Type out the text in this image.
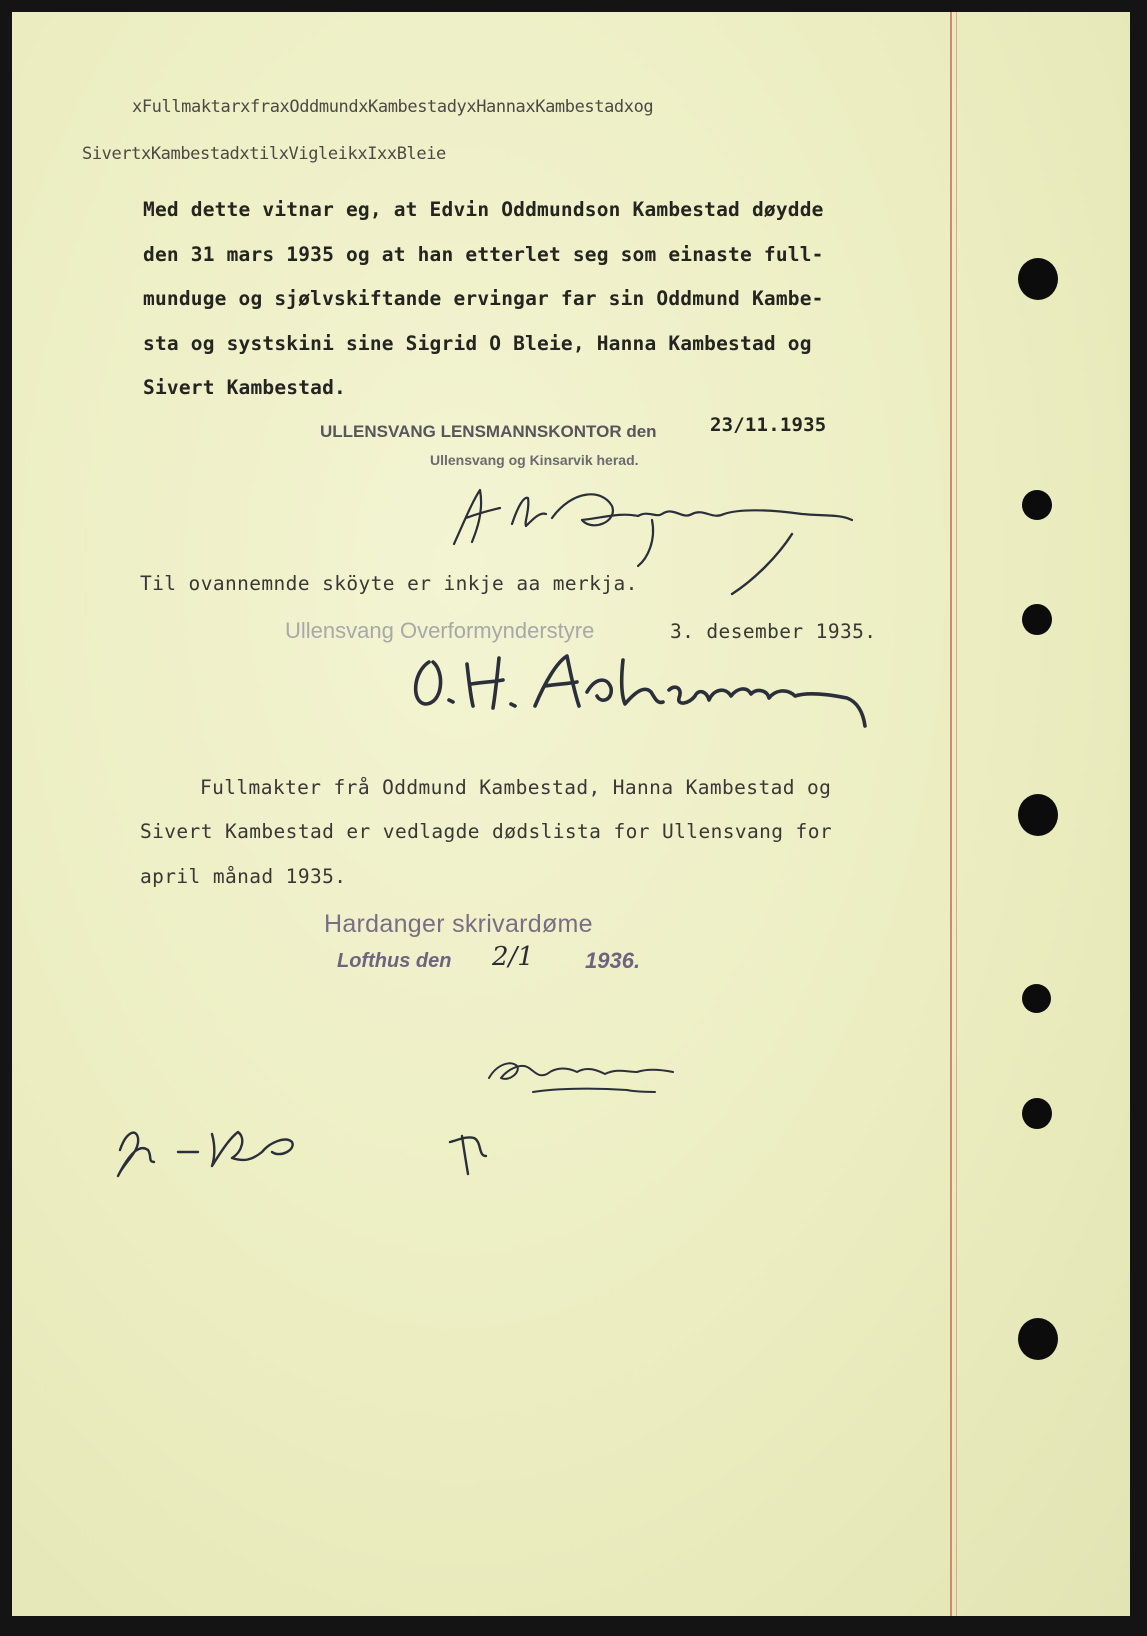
xFullmaktarxfraxOddmundxKambestadyxHannaxKambestadxog
SivertxKambestadxtilxVigleikxIxxBleie
Med dette vitnar eg, at Edvin Oddmundson Kambestad døydde
den 31 mars 1935 og at han etterlet seg som einaste full-
munduge og sjølvskiftande ervingar far sin Oddmund Kambe-
sta og systskini sine Sigrid O Bleie, Hanna Kambestad og
Sivert Kambestad.
ULLENSVANG LENSMANNSKONTOR den	23/11.1935
Ullensvang og Kinsarvik herad.
Til ovannemnde sköyte er inkje aa merkja.
Ullensvang Overformynderstyre	3. desember 1935.
Fullmakter frå Oddmund Kambestad, Hanna Kambestad og
Sivert Kambestad er vedlagde dødslista for Ullensvang for
april månad 1935.
Hardanger skrivardøme
Lofthus den 2/1 1936.
